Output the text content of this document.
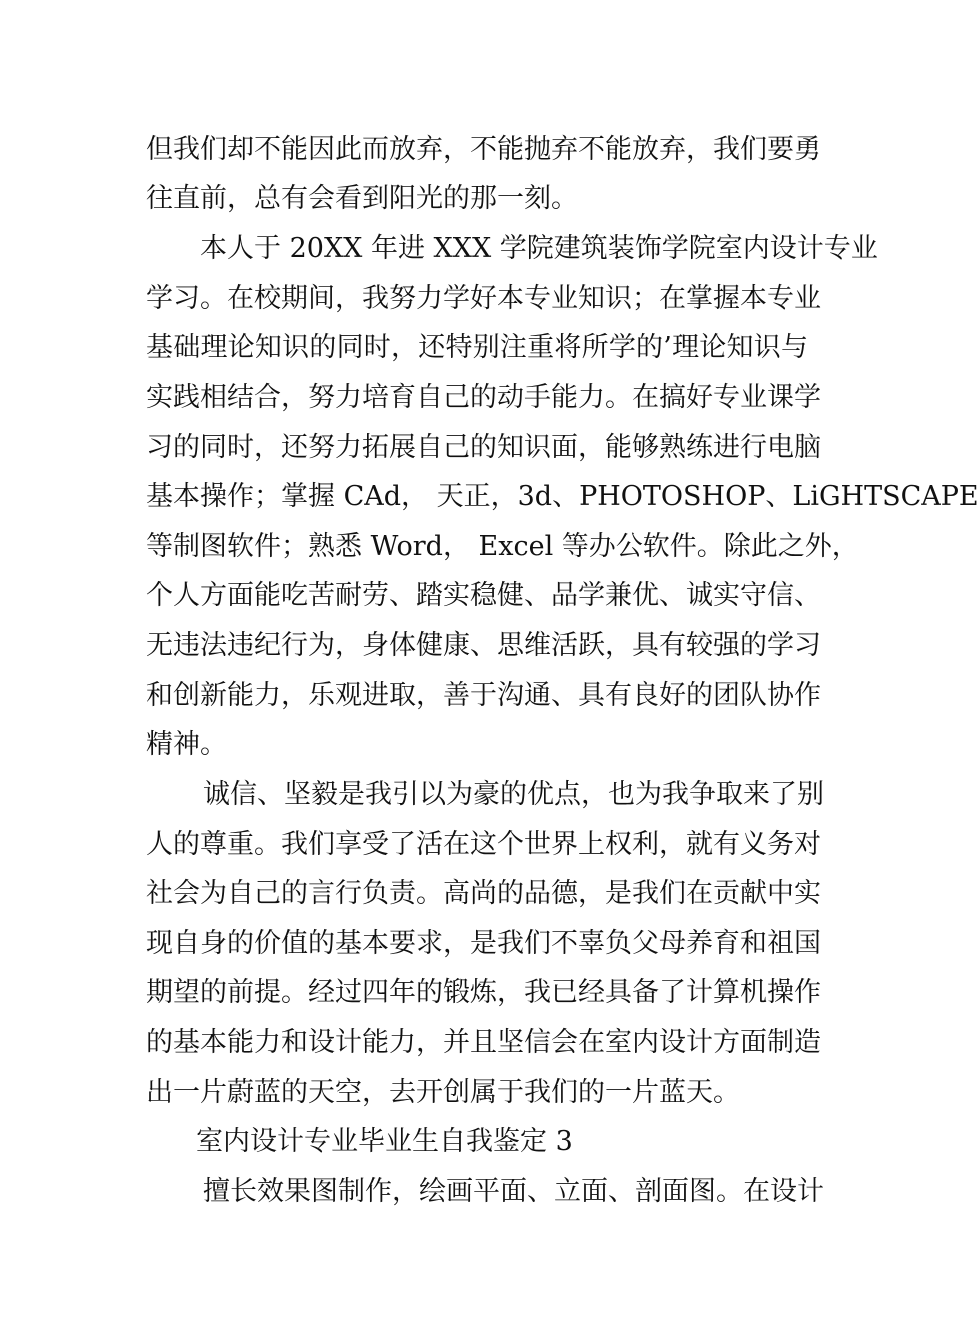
但我们却不能因此而放弃，不能抛弃不能放弃，我们要勇
往直前，总有会看到阳光的那一刻。
本人于 20XX 年进 XXX 学院建筑装饰学院室内设计专业
学习。在校期间，我努力学好本专业知识；在掌握本专业
基础理论知识的同时，还特别注重将所学的’理论知识与
实践相结合，努力培育自己的动手能力。在搞好专业课学
习的同时，还努力拓展自己的知识面，能够熟练进行电脑
基本操作；掌握 CAd， 天正，3d、PHOTOSHOP、LiGHTSCAPE
等制图软件；熟悉 Word， Excel 等办公软件。除此之外，
个人方面能吃苦耐劳、踏实稳健、品学兼优、诚实守信、
无违法违纪行为，身体健康、思维活跃，具有较强的学习
和创新能力，乐观进取，善于沟通、具有良好的团队协作
精神。
诚信、坚毅是我引以为豪的优点，也为我争取来了别
人的尊重。我们享受了活在这个世界上权利，就有义务对
社会为自己的言行负责。高尚的品德，是我们在贡献中实
现自身的价值的基本要求，是我们不辜负父母养育和祖国
期望的前提。经过四年的锻炼，我已经具备了计算机操作
的基本能力和设计能力，并且坚信会在室内设计方面制造
出一片蔚蓝的天空，去开创属于我们的一片蓝天。
室内设计专业毕业生自我鉴定 3
擅长效果图制作，绘画平面、立面、剖面图。在设计
